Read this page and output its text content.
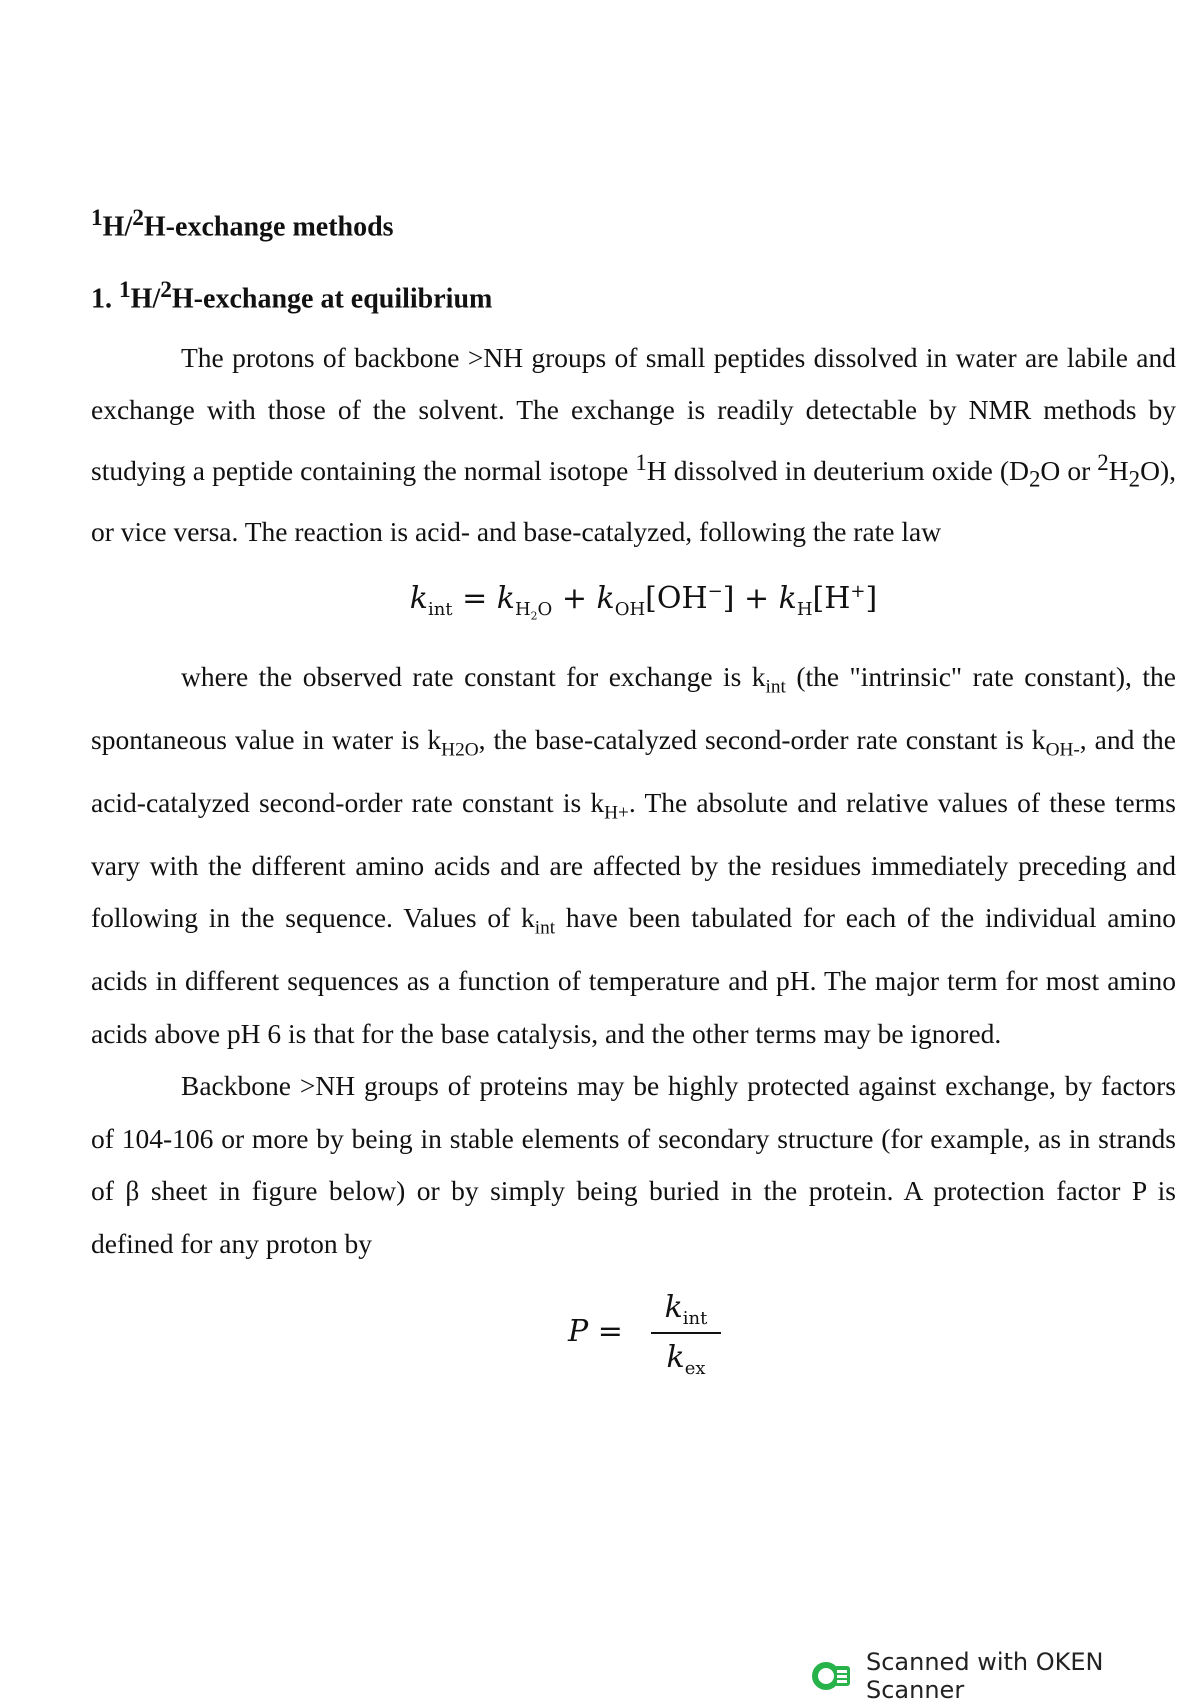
$^1$H/$^2$H-exchange methods
1. $^1$H/$^2$H-exchange at equilibrium

The protons of backbone >NH groups of small peptides dissolved in water are labile and exchange with those of the solvent. The exchange is readily detectable by NMR methods by studying a peptide containing the normal isotope $^1$H dissolved in deuterium oxide ($D_2O$ or $^2H_2O$), or vice versa. The reaction is acid- and base-catalyzed, following the rate law

$k_{int} = k_{H_2O} + k_{OH}[OH^-] + k_H[H^+]$

where the observed rate constant for exchange is $k_{int}$ (the "intrinsic" rate constant), the spontaneous value in water is $k_{H2O}$, the base-catalyzed second-order rate constant is $k_{OH-}$, and the acid-catalyzed second-order rate constant is $k_{H+}$. The absolute and relative values of these terms vary with the different amino acids and are affected by the residues immediately preceding and following in the sequence. Values of $k_{int}$ have been tabulated for each of the individual amino acids in different sequences as a function of temperature and pH. The major term for most amino acids above pH 6 is that for the base catalysis, and the other terms may be ignored.

Backbone >NH groups of proteins may be highly protected against exchange, by factors of 104-106 or more by being in stable elements of secondary structure (for example, as in strands of β sheet in figure below) or by simply being buried in the protein. A protection factor P is defined for any proton by

P =
$k_{int}$
$k_{ex}$
Scanned with OKEN Scanner
